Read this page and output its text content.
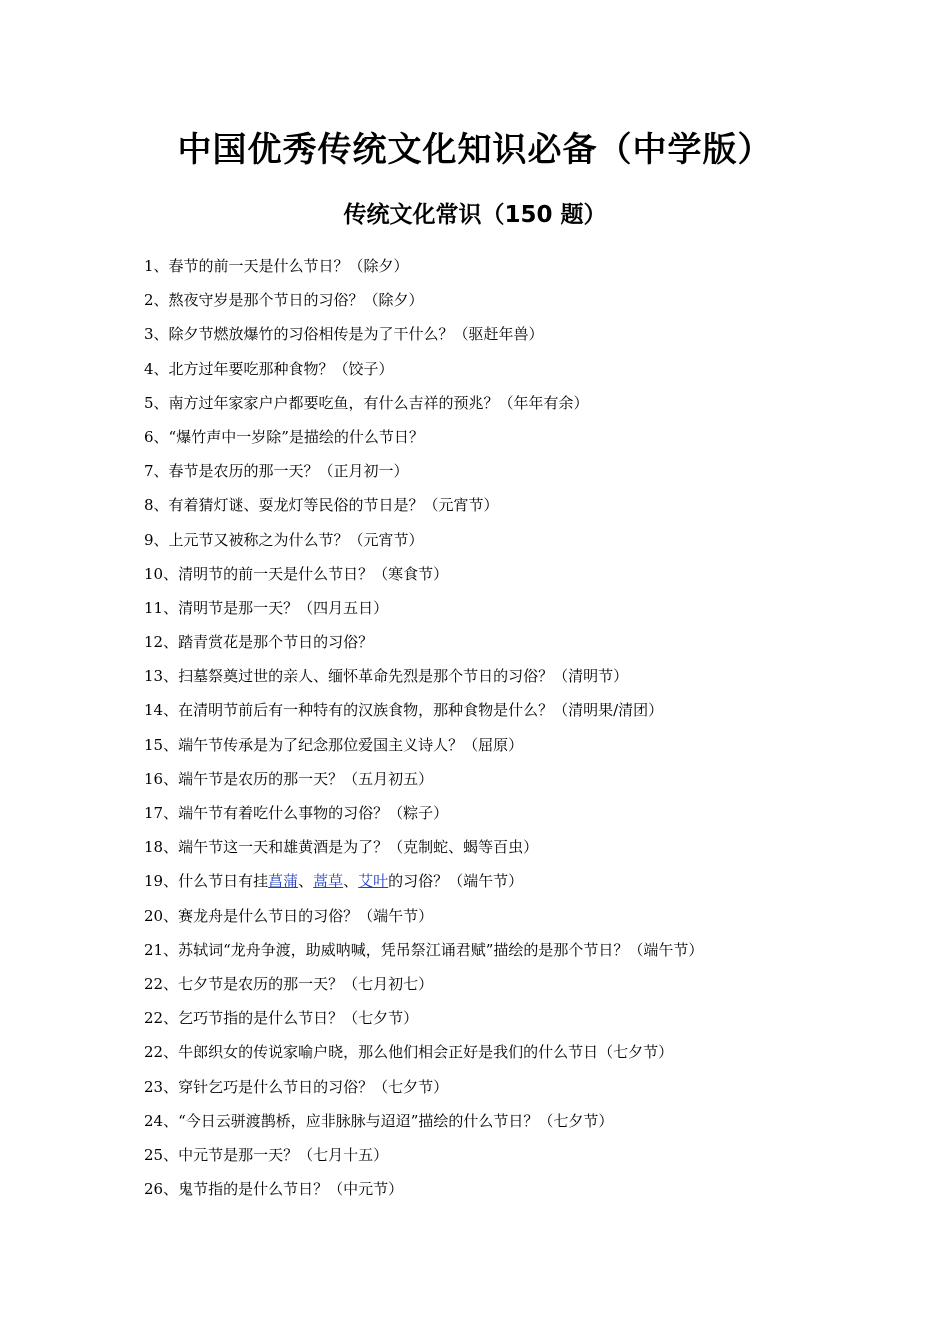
中国优秀传统文化知识必备（中学版）
传统文化常识（150 题）
1、春节的前一天是什么节日？（除夕）
2、熬夜守岁是那个节日的习俗？（除夕）
3、除夕节燃放爆竹的习俗相传是为了干什么？（驱赶年兽）
4、北方过年要吃那种食物？（饺子）
5、南方过年家家户户都要吃鱼，有什么吉祥的预兆？（年年有余）
6、“爆竹声中一岁除”是描绘的什么节日？
7、春节是农历的那一天？（正月初一）
8、有着猜灯谜、耍龙灯等民俗的节日是？（元宵节）
9、上元节又被称之为什么节？（元宵节）
10、清明节的前一天是什么节日？（寒食节）
11、清明节是那一天？（四月五日）
12、踏青赏花是那个节日的习俗？
13、扫墓祭奠过世的亲人、缅怀革命先烈是那个节日的习俗？（清明节）
14、在清明节前后有一种特有的汉族食物，那种食物是什么？（清明果/清团）
15、端午节传承是为了纪念那位爱国主义诗人？（屈原）
16、端午节是农历的那一天？（五月初五）
17、端午节有着吃什么事物的习俗？（粽子）
18、端午节这一天和雄黄酒是为了？（克制蛇、蝎等百虫）
19、什么节日有挂菖蒲、蒿草、艾叶的习俗？（端午节）
20、赛龙舟是什么节日的习俗？（端午节）
21、苏轼词“龙舟争渡，助威呐喊，凭吊祭江诵君赋”描绘的是那个节日？（端午节）
22、七夕节是农历的那一天？（七月初七）
22、乞巧节指的是什么节日？（七夕节）
22、牛郎织女的传说家喻户晓，那么他们相会正好是我们的什么节日（七夕节）
23、穿针乞巧是什么节日的习俗？（七夕节）
24、“今日云骈渡鹊桥，应非脉脉与迢迢”描绘的什么节日？（七夕节）
25、中元节是那一天？（七月十五）
26、鬼节指的是什么节日？（中元节）
